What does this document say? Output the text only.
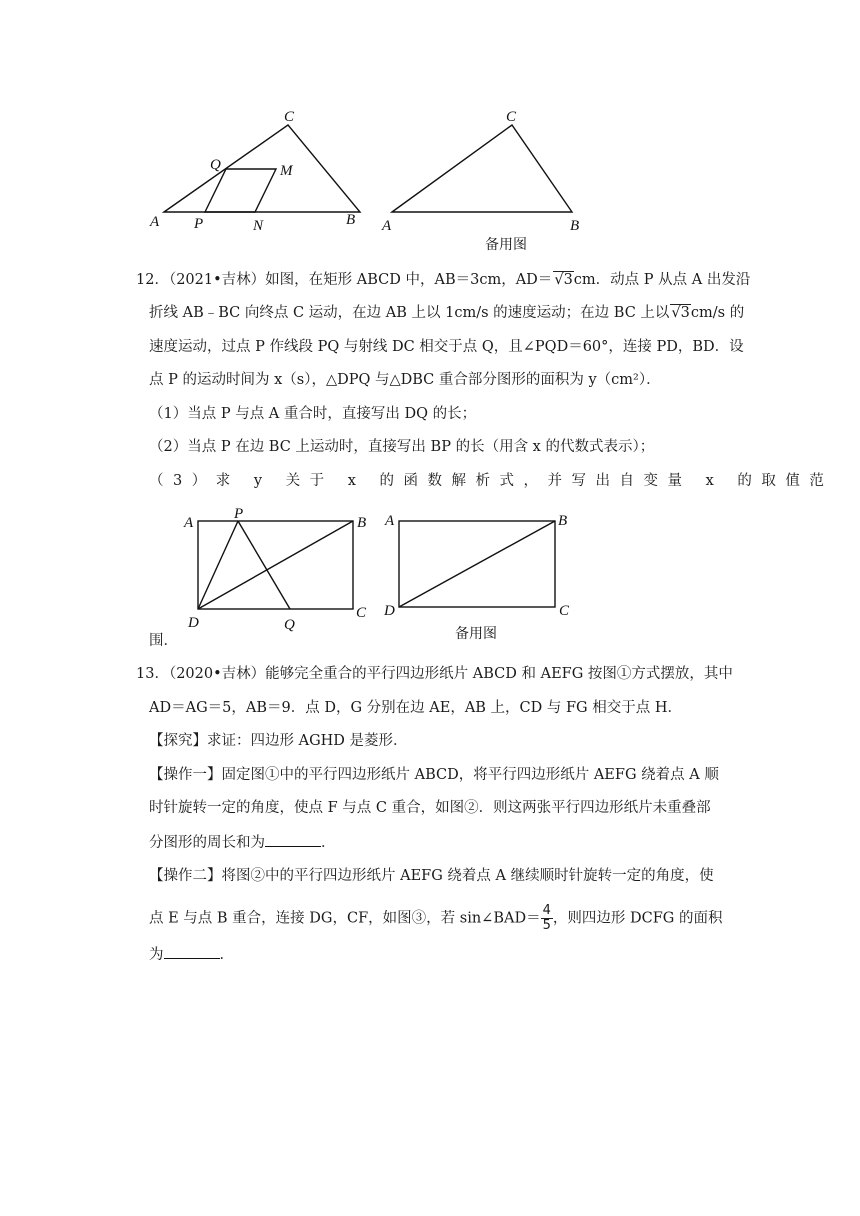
C
Q	M
A P	N	B
C
A	B
备用图
12．（2021•吉林）如图，在矩形 ABCD 中，AB＝3cm，AD＝ √3cm．动点 P 从点 A 出发沿
折线 AB﹣BC 向终点 C 运动，在边 AB 上以 1cm/s 的速度运动；在边 BC 上以 √3cm/s 的
速度运动，过点 P 作线段 PQ 与射线 DC 相交于点 Q，且∠PQD＝60°，连接 PD，BD．设
点 P 的运动时间为 x（s），△DPQ 与△DBC 重合部分图形的面积为 y（cm²）．
（1）当点 P 与点 A 重合时，直接写出 DQ 的长；
（2）当点 P 在边 BC 上运动时，直接写出 BP 的长（用含 x 的代数式表示）；
（3）求 y 关于 x 的函数解析式，并写出自变量 x 的取值范
A
P
B
D	Q
C
A	B
D	C
备用图
围．
13．（2020•吉林）能够完全重合的平行四边形纸片 ABCD 和 AEFG 按图①方式摆放，其中
AD＝AG＝5，AB＝9．点 D，G 分别在边 AE，AB 上，CD 与 FG 相交于点 H．
【探究】求证：四边形 AGHD 是菱形．
【操作一】固定图①中的平行四边形纸片 ABCD，将平行四边形纸片 AEFG 绕着点 A 顺
时针旋转一定的角度，使点 F 与点 C 重合，如图②．则这两张平行四边形纸片未重叠部
分图形的周长和为	．
【操作二】将图②中的平行四边形纸片 AEFG 绕着点 A 继续顺时针旋转一定的角度，使
点 E 与点 B 重合，连接 DG，CF，如图③，若 sin∠BAD＝ $\frac{4}{5}$ ，则四边形 DCFG 的面积
为	．
